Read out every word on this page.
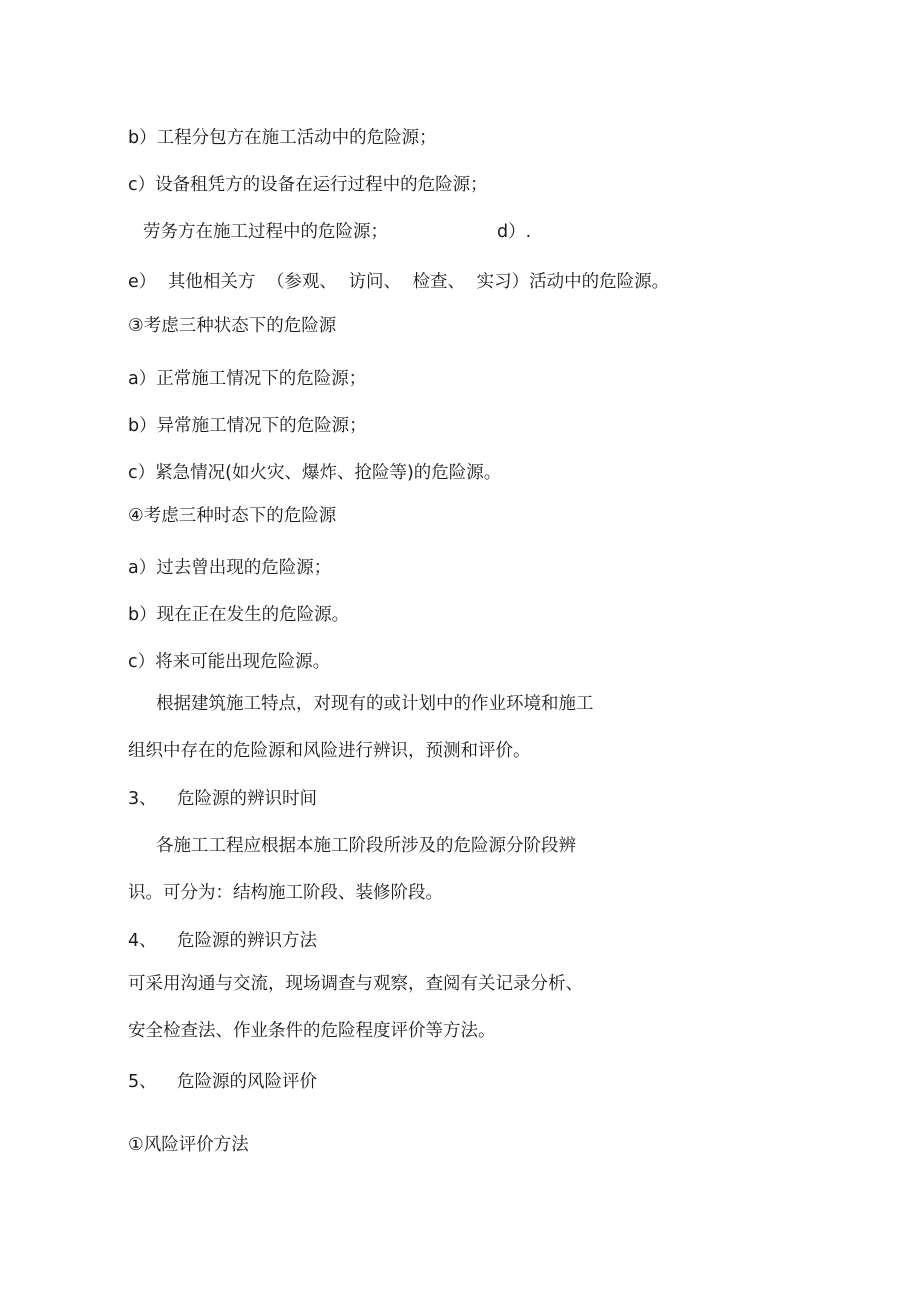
b）工程分包方在施工活动中的危险源；
c）设备租凭方的设备在运行过程中的危险源；
劳务方在施工过程中的危险源；	d）.
e） 其他相关方 （参观、 访问、 检查、 实习）活动中的危险源。
③考虑三种状态下的危险源
a）正常施工情况下的危险源；
b）异常施工情况下的危险源；
c）紧急情况(如火灾、爆炸、抢险等)的危险源。
④考虑三种时态下的危险源
a）过去曾出现的危险源；
b）现在正在发生的危险源。
c）将来可能出现危险源。
根据建筑施工特点，对现有的或计划中的作业环境和施工
组织中存在的危险源和风险进行辨识，预测和评价。
3、 危险源的辨识时间
各施工工程应根据本施工阶段所涉及的危险源分阶段辨
识。可分为：结构施工阶段、装修阶段。
4、 危险源的辨识方法
可采用沟通与交流，现场调查与观察，查阅有关记录分析、
安全检查法、作业条件的危险程度评价等方法。
5、 危险源的风险评价
①风险评价方法
